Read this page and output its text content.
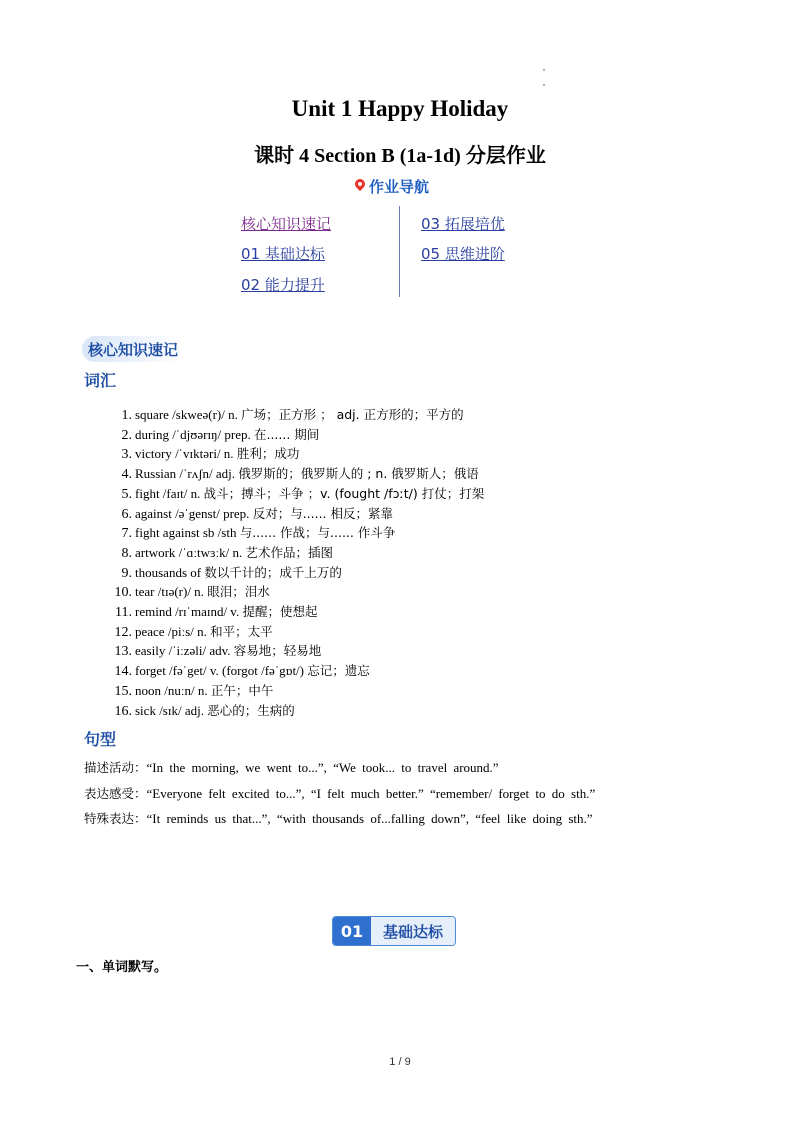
Unit 1 Happy Holiday
课时 4 Section B (1a-1d) 分层作业
作业导航
核心知识速记
01 基础达标
02 能力提升
03 拓展培优
05 思维进阶
核心知识速记
词汇
1. square /skweə(r)/ n. 广场；正方形 ； adj. 正方形的；平方的
2. during /ˈdjʊərɪŋ/ prep. 在...... 期间
3. victory /ˈvɪktəri/ n. 胜利；成功
4. Russian /ˈrʌʃn/ adj. 俄罗斯的；俄罗斯人的 ; n. 俄罗斯人；俄语
5. fight /faɪt/ n. 战斗；搏斗；斗争 ；v. (fought /fɔːt/) 打仗；打架
6. against /əˈgenst/ prep. 反对；与...... 相反；紧靠
7. fight against sb /sth 与...... 作战；与...... 作斗争
8. artwork /ˈɑːtwɜːk/ n. 艺术作品；插图
9. thousands of 数以千计的；成千上万的
10. tear /tɪə(r)/ n. 眼泪；泪水
11. remind /rɪˈmaɪnd/ v. 提醒；使想起
12. peace /piːs/ n. 和平；太平
13. easily /ˈiːzəli/ adv. 容易地；轻易地
14. forget /fəˈget/ v. (forgot /fəˈgɒt/) 忘记；遗忘
15. noon /nuːn/ n. 正午；中午
16. sick /sɪk/ adj. 恶心的；生病的
句型
描述活动：“In the morning, we went to...”, “We took... to travel around.”
表达感受：“Everyone felt excited to...”, “I felt much better.” “remember/ forget to do sth.”
特殊表达：“It reminds us that...”, “with thousands of...falling down”, “feel like doing sth.”
01	基础达标
一、单词默写。
1 / 9
